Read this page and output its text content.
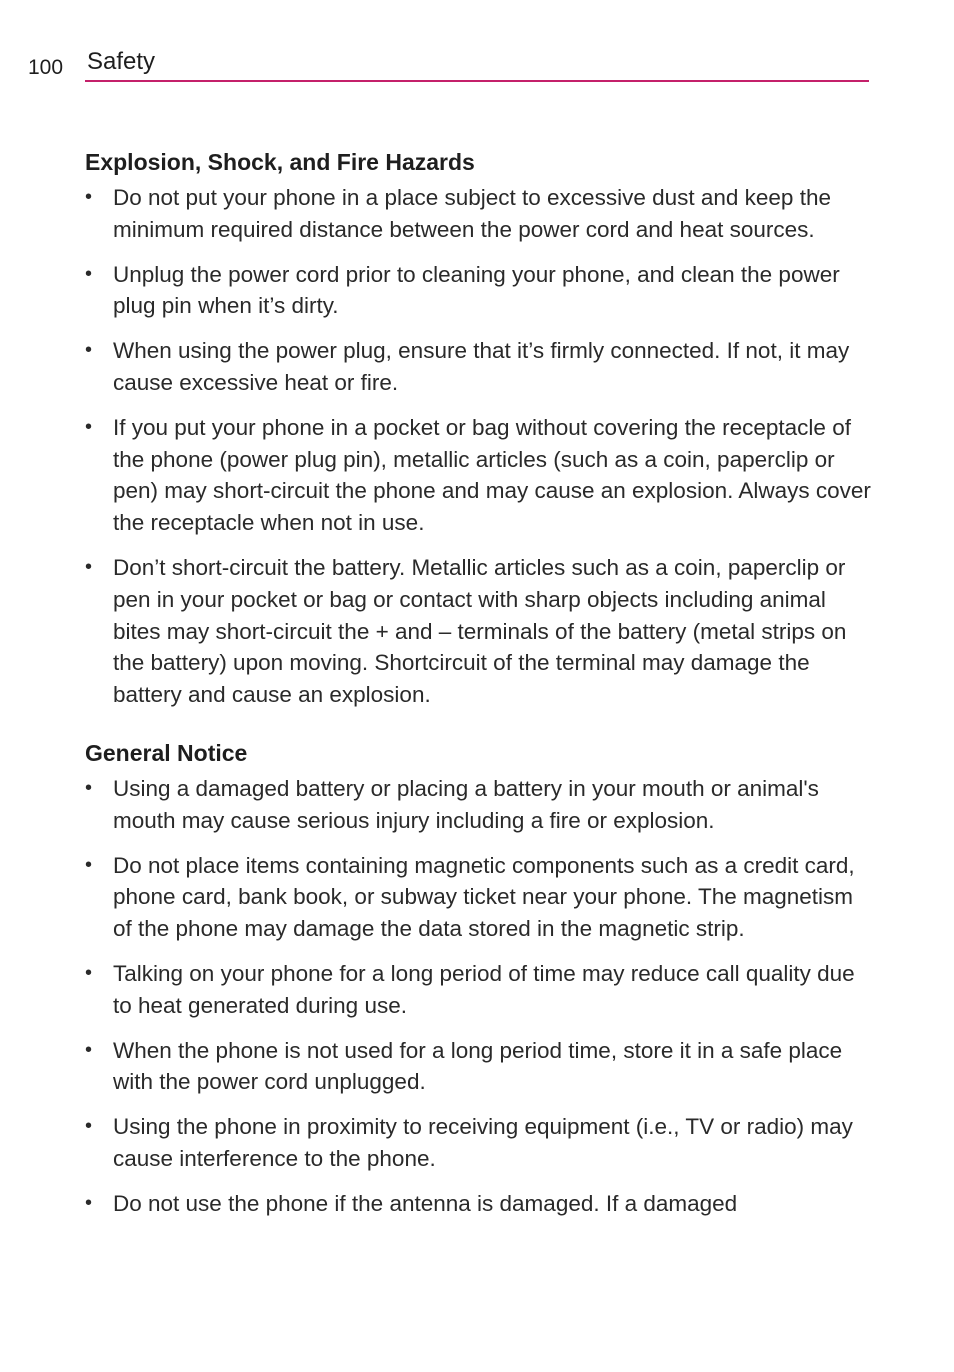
100 Safety
Explosion, Shock, and Fire Hazards
• Do not put your phone in a place subject to excessive dust and keep the minimum required distance between the power cord and heat sources.
• Unplug the power cord prior to cleaning your phone, and clean the power plug pin when it’s dirty.
• When using the power plug, ensure that it’s firmly connected. If not, it may cause excessive heat or fire.
• If you put your phone in a pocket or bag without covering the receptacle of the phone (power plug pin), metallic articles (such as a coin, paperclip or pen) may short-circuit the phone and may cause an explosion. Always cover the receptacle when not in use.
• Don’t short-circuit the battery. Metallic articles such as a coin, paperclip or pen in your pocket or bag or contact with sharp objects including animal bites may short-circuit the + and – terminals of the battery (metal strips on the battery) upon moving. Shortcircuit of the terminal may damage the battery and cause an explosion.
General Notice
• Using a damaged battery or placing a battery in your mouth or animal's mouth may cause serious injury including a fire or explosion.
• Do not place items containing magnetic components such as a credit card, phone card, bank book, or subway ticket near your phone. The magnetism of the phone may damage the data stored in the magnetic strip.
• Talking on your phone for a long period of time may reduce call quality due to heat generated during use.
• When the phone is not used for a long period time, store it in a safe place with the power cord unplugged.
• Using the phone in proximity to receiving equipment (i.e., TV or radio) may cause interference to the phone.
• Do not use the phone if the antenna is damaged. If a damaged
